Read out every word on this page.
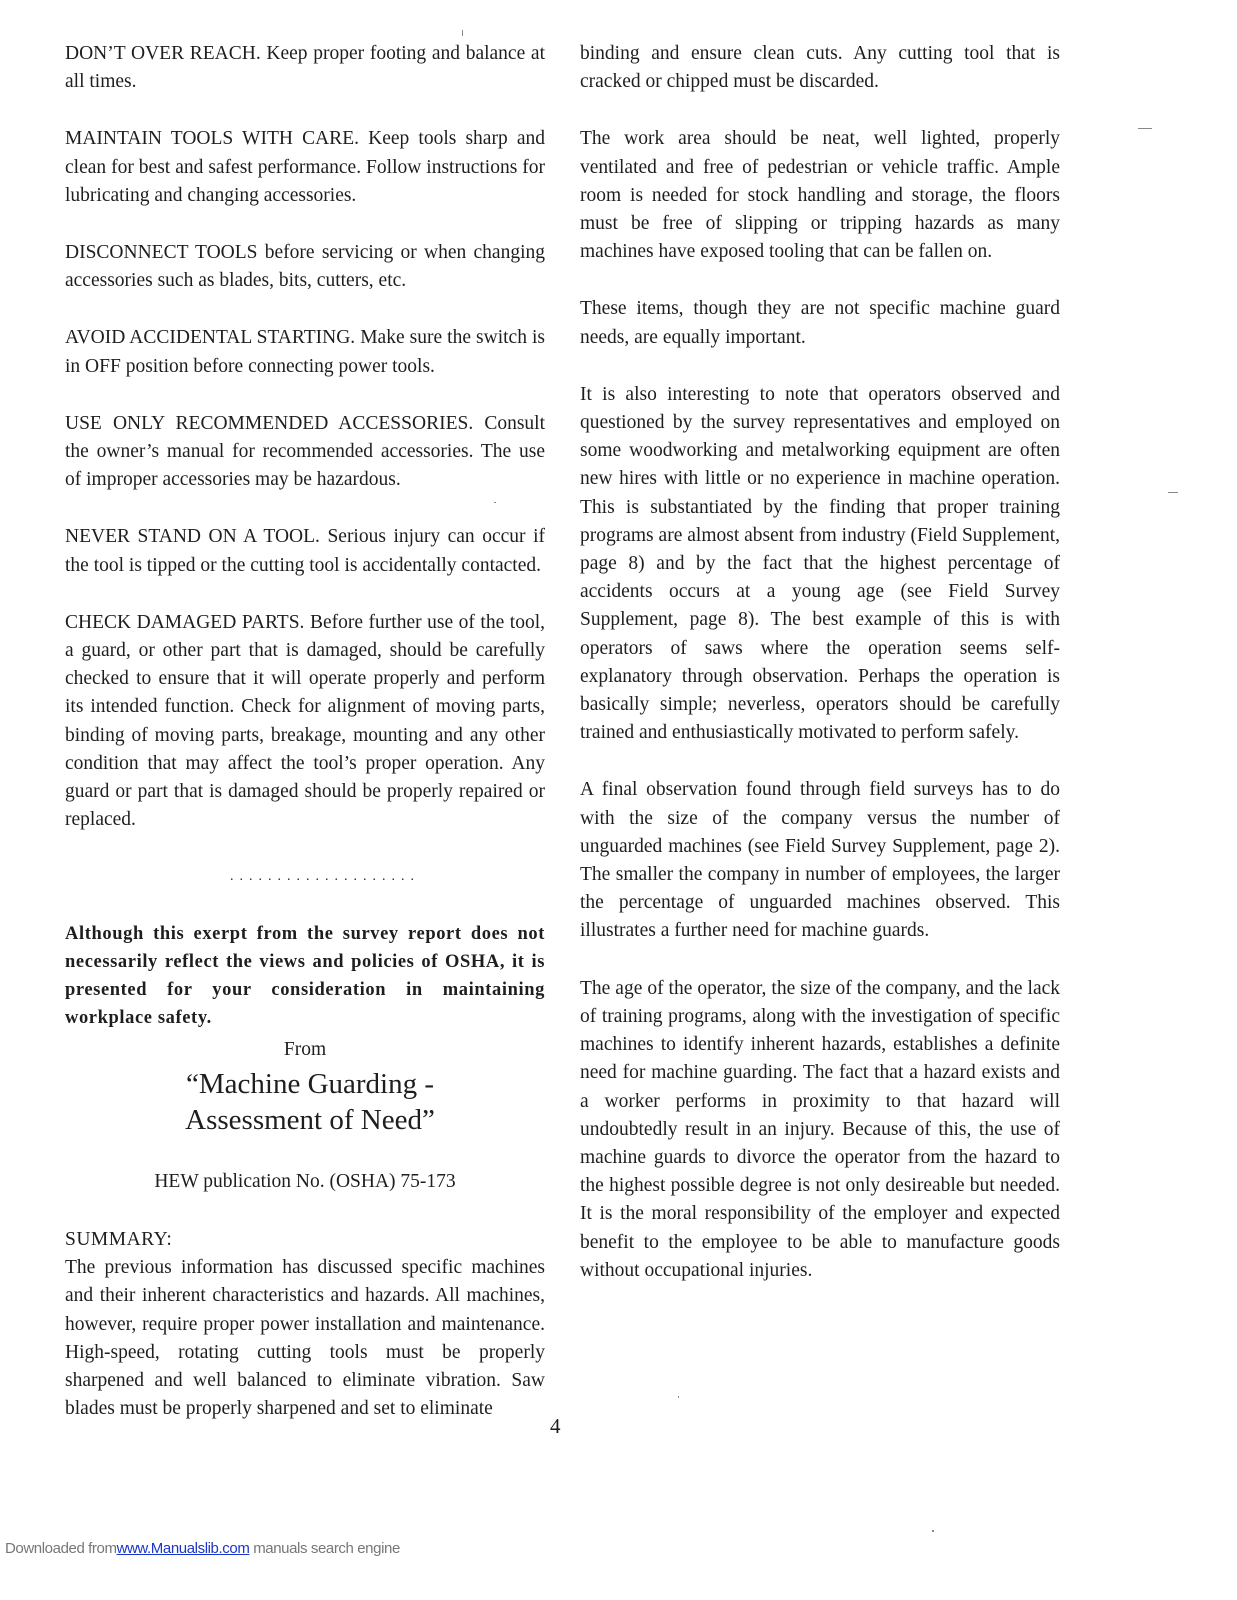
DON’T OVER REACH. Keep proper footing and balance at all times.

MAINTAIN TOOLS WITH CARE. Keep tools sharp and clean for best and safest performance. Follow instructions for lubricating and changing accessories.

DISCONNECT TOOLS before servicing or when changing accessories such as blades, bits, cutters, etc.

AVOID ACCIDENTAL STARTING. Make sure the switch is in OFF position before connecting power tools.

USE ONLY RECOMMENDED ACCESSORIES. Consult the owner’s manual for recommended accessories. The use of improper accessories may be hazardous.

NEVER STAND ON A TOOL. Serious injury can occur if the tool is tipped or the cutting tool is accidentally contacted.

CHECK DAMAGED PARTS. Before further use of the tool, a guard, or other part that is damaged, should be carefully checked to ensure that it will operate properly and perform its intended function. Check for alignment of moving parts, binding of moving parts, breakage, mounting and any other condition that may affect the tool’s proper operation. Any guard or part that is damaged should be properly repaired or replaced.

....................

Although this exerpt from the survey report does not necessarily reflect the views and policies of OSHA, it is presented for your consideration in maintaining workplace safety.

From
“Machine Guarding -
Assessment of Need”
HEW publication No. (OSHA) 75-173
SUMMARY:

The previous information has discussed specific machines and their inherent characteristics and hazards. All machines, however, require proper power installation and maintenance. High-speed, rotating cutting tools must be properly sharpened and well balanced to eliminate vibration. Saw blades must be properly sharpened and set to eliminate

binding and ensure clean cuts. Any cutting tool that is cracked or chipped must be discarded.

The work area should be neat, well lighted, properly ventilated and free of pedestrian or vehicle traffic. Ample room is needed for stock handling and storage, the floors must be free of slipping or tripping hazards as many machines have exposed tooling that can be fallen on.

These items, though they are not specific machine guard needs, are equally important.

It is also interesting to note that operators observed and questioned by the survey representatives and employed on some woodworking and metalworking equipment are often new hires with little or no experience in machine operation. This is substantiated by the finding that proper training programs are almost absent from industry (Field Supplement, page 8) and by the fact that the highest percentage of accidents occurs at a young age (see Field Survey Supplement, page 8). The best example of this is with operators of saws where the operation seems self-explanatory through observation. Perhaps the operation is basically simple; neverless, operators should be carefully trained and enthusiastically motivated to perform safely.

A final observation found through field surveys has to do with the size of the company versus the number of unguarded machines (see Field Survey Supplement, page 2). The smaller the company in number of employees, the larger the percentage of unguarded machines observed. This illustrates a further need for machine guards.

The age of the operator, the size of the company, and the lack of training programs, along with the investigation of specific machines to identify inherent hazards, establishes a definite need for machine guarding. The fact that a hazard exists and a worker performs in proximity to that hazard will undoubtedly result in an injury. Because of this, the use of machine guards to divorce the operator from the hazard to the highest possible degree is not only desireable but needed. It is the moral responsibility of the employer and expected benefit to the employee to be able to manufacture goods without occupational injuries.

4
Downloaded fromwww.Manualslib.com manuals search engine
